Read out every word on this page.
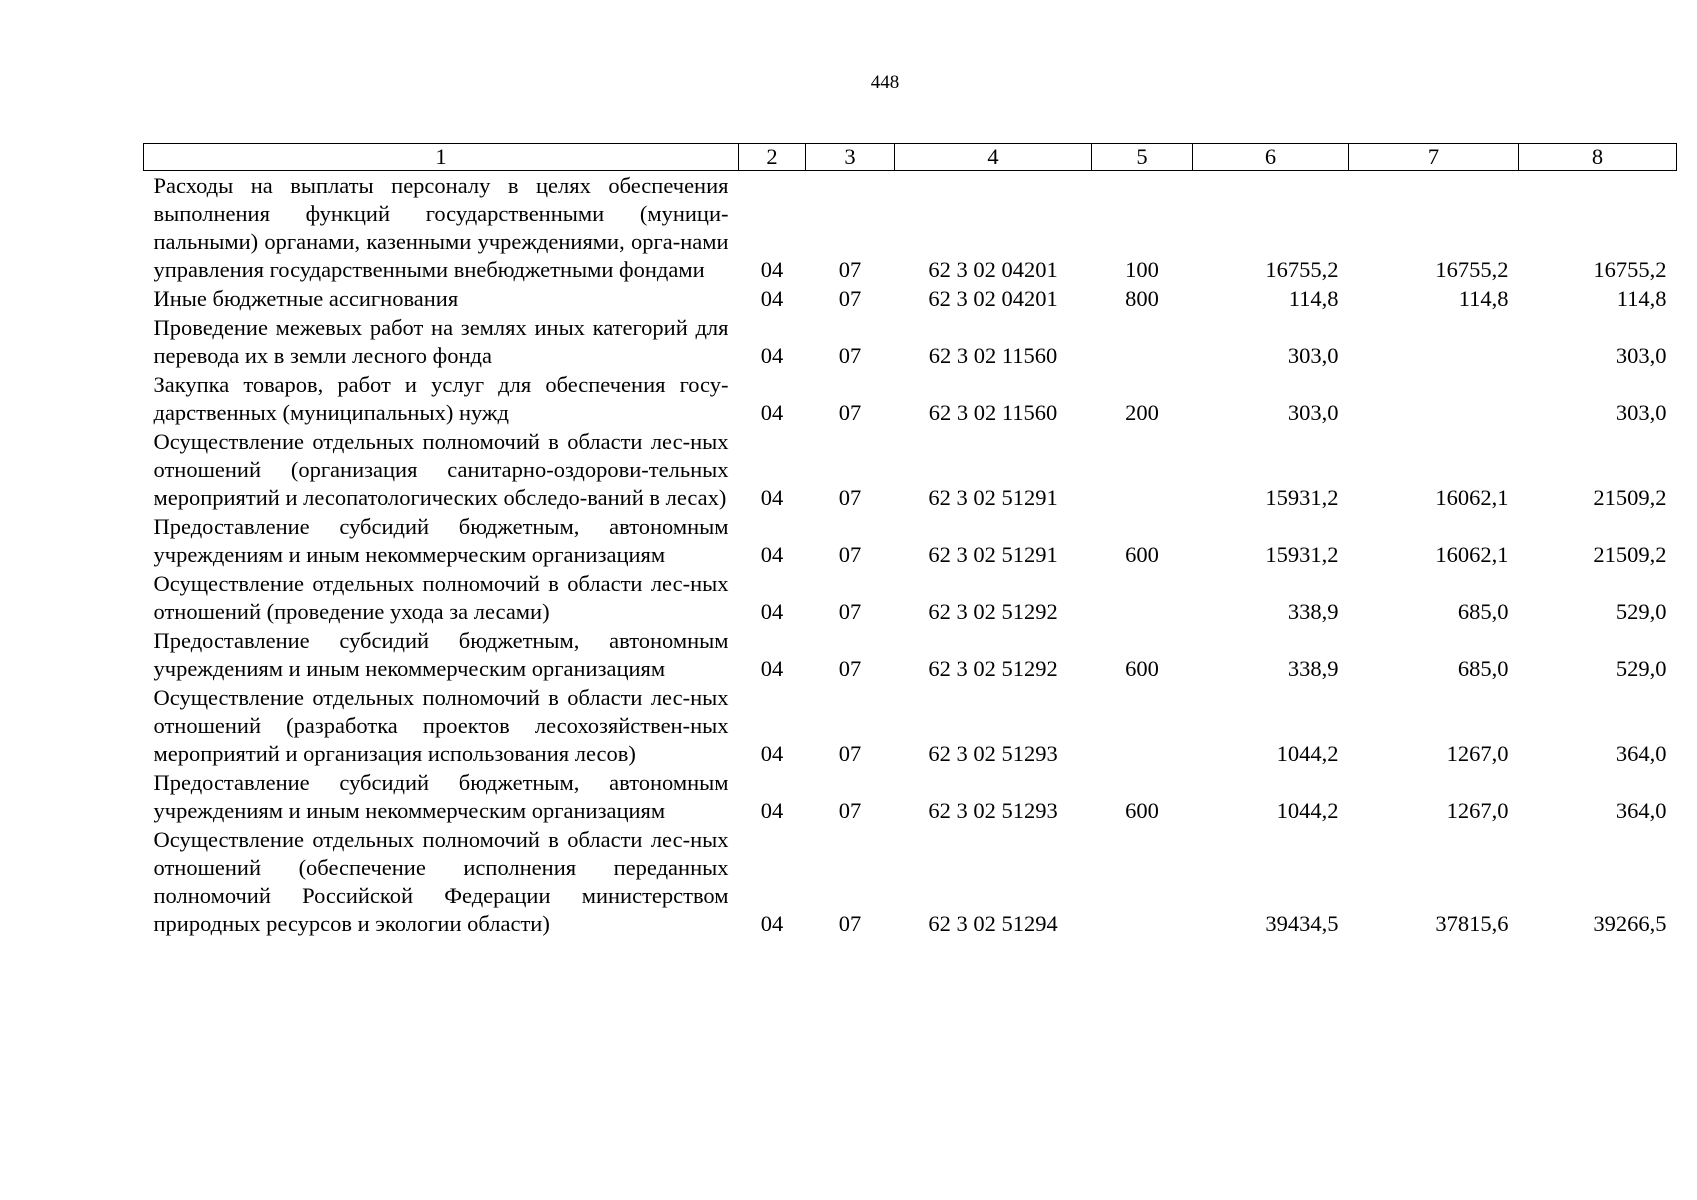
448
1	2	3	4	5	6	7	8
Расходы на выплаты персоналу в целях обеспечения выполнения функций государственными (муници-пальными) органами, казенными учреждениями, орга-нами управления государственными внебюджетными фондами	04	07	62 3 02 04201	100	16755,2	16755,2	16755,2
Иные бюджетные ассигнования	04	07	62 3 02 04201	800	114,8	114,8	114,8
Проведение межевых работ на землях иных категорий для перевода их в земли лесного фонда	04	07	62 3 02 11560		303,0		303,0
Закупка товаров, работ и услуг для обеспечения госу-дарственных (муниципальных) нужд	04	07	62 3 02 11560	200	303,0		303,0
Осуществление отдельных полномочий в области лес-ных отношений (организация санитарно-оздорови-тельных мероприятий и лесопатологических обследо-ваний в лесах)	04	07	62 3 02 51291		15931,2	16062,1	21509,2
Предоставление субсидий бюджетным, автономным учреждениям и иным некоммерческим организациям	04	07	62 3 02 51291	600	15931,2	16062,1	21509,2
Осуществление отдельных полномочий в области лес-ных отношений (проведение ухода за лесами)	04	07	62 3 02 51292		338,9	685,0	529,0
Предоставление субсидий бюджетным, автономным учреждениям и иным некоммерческим организациям	04	07	62 3 02 51292	600	338,9	685,0	529,0
Осуществление отдельных полномочий в области лес-ных отношений (разработка проектов лесохозяйствен-ных мероприятий и организация использования лесов)	04	07	62 3 02 51293		1044,2	1267,0	364,0
Предоставление субсидий бюджетным, автономным учреждениям и иным некоммерческим организациям	04	07	62 3 02 51293	600	1044,2	1267,0	364,0
Осуществление отдельных полномочий в области лес-ных отношений (обеспечение исполнения переданных полномочий Российской Федерации министерством природных ресурсов и экологии области)	04	07	62 3 02 51294		39434,5	37815,6	39266,5
